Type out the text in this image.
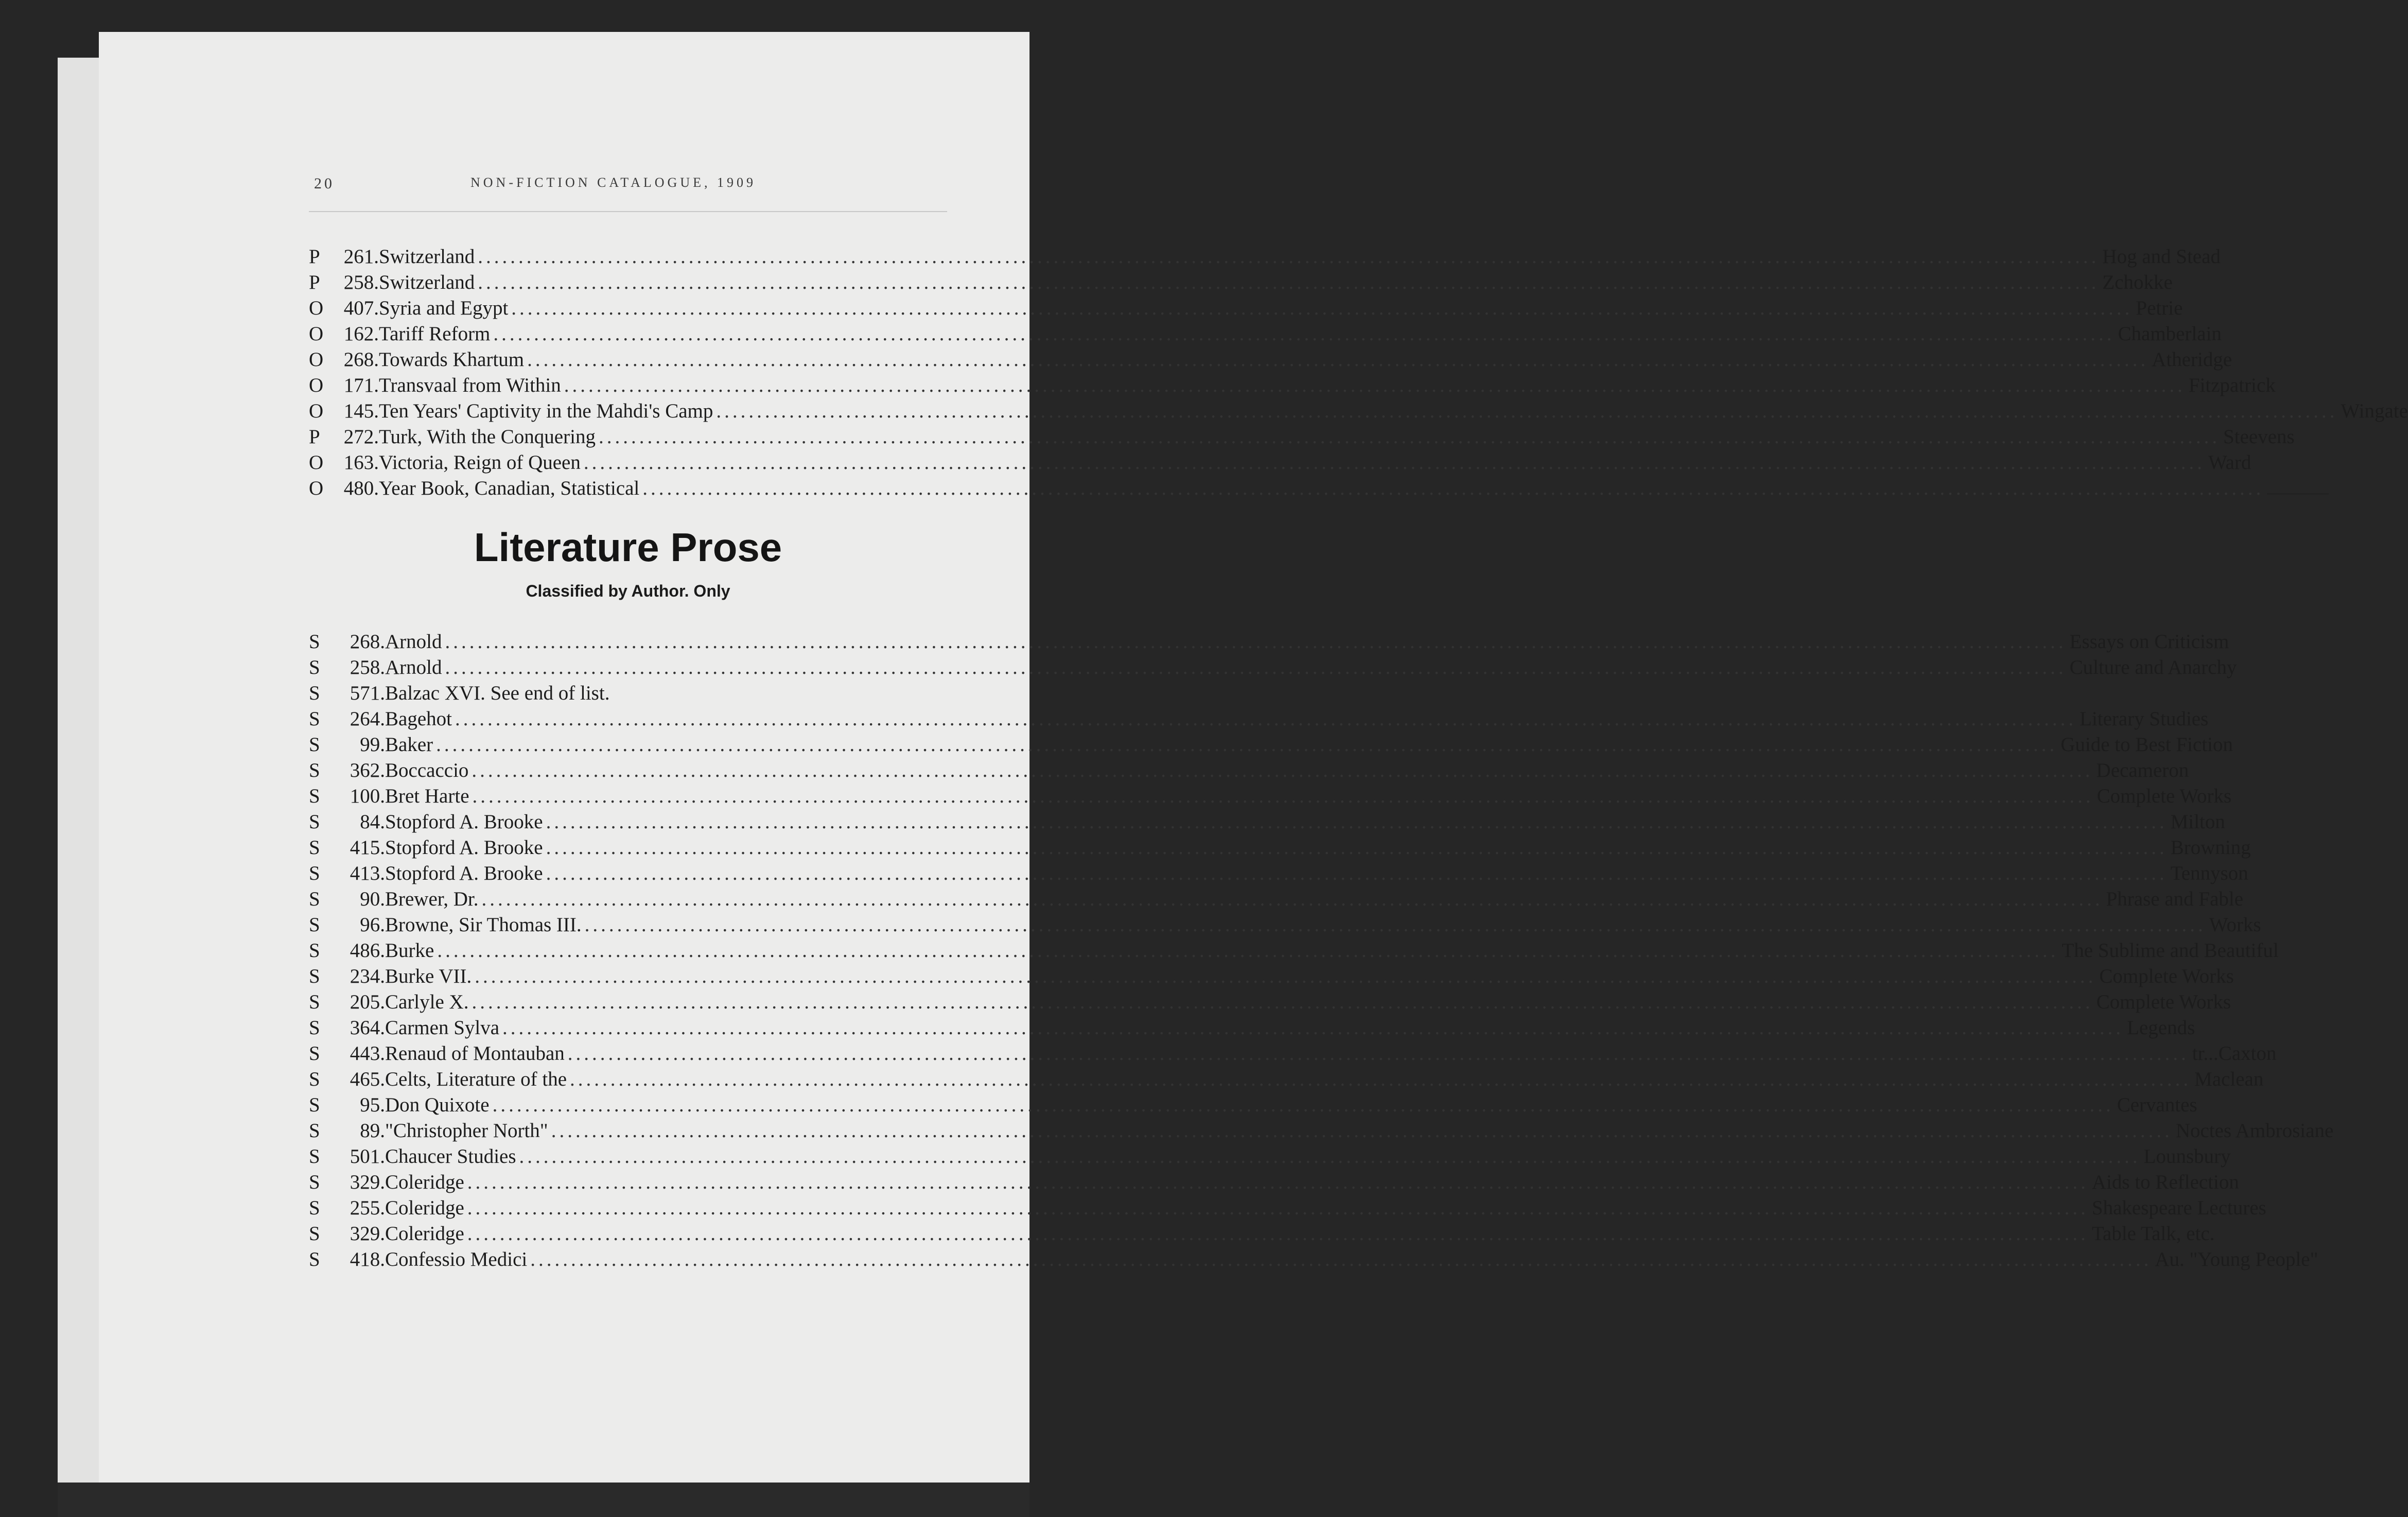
20	NON-FICTION CATALOGUE, 1909
P	261. Switzerland ........................................................................................................................................................................................................ Hog and Stead
P	258. Switzerland ........................................................................................................................................................................................................ Zchokke
O	407. Syria and Egypt ........................................................................................................................................................................................................ Petrie
O	162. Tariff Reform ........................................................................................................................................................................................................ Chamberlain
O	268. Towards Khartum ........................................................................................................................................................................................................ Atheridge
O	171. Transvaal from Within ........................................................................................................................................................................................................ Fitzpatrick
O	145. Ten Years' Captivity in the Mahdi's Camp ........................................................................................................................................................................................................ Wingate
P	272. Turk, With the Conquering ........................................................................................................................................................................................................ Steevens
O	163. Victoria, Reign of Queen ........................................................................................................................................................................................................ Ward
O	480. Year Book, Canadian, Statistical ........................................................................................................................................................................................................
Literature Prose
Classified by Author. Only
S	268. Arnold ........................................................................................................................................................................................................ Essays on Criticism
S	258. Arnold ........................................................................................................................................................................................................ Culture and Anarchy
S	571. Balzac XVI. See end of list.
S	264. Bagehot ........................................................................................................................................................................................................ Literary Studies
S	99. Baker ........................................................................................................................................................................................................ Guide to Best Fiction
S	362. Boccaccio ........................................................................................................................................................................................................ Decameron
S	100. Bret Harte ........................................................................................................................................................................................................ Complete Works
S	84. Stopford A. Brooke ........................................................................................................................................................................................................ Milton
S	415. Stopford A. Brooke ........................................................................................................................................................................................................ Browning
S	413. Stopford A. Brooke ........................................................................................................................................................................................................ Tennyson
S	90. Brewer, Dr. ........................................................................................................................................................................................................ Phrase and Fable
S	96. Browne, Sir Thomas III. ........................................................................................................................................................................................................ Works
S	486. Burke ........................................................................................................................................................................................................ The Sublime and Beautiful
S	234. Burke VII. ........................................................................................................................................................................................................ Complete Works
S	205. Carlyle X. ........................................................................................................................................................................................................ Complete Works
S	364. Carmen Sylva ........................................................................................................................................................................................................ Legends
S	443. Renaud of Montauban ........................................................................................................................................................................................................ tr...Caxton
S	465. Celts, Literature of the ........................................................................................................................................................................................................ Maclean
S	95. Don Quixote ........................................................................................................................................................................................................ Cervantes
S	89. "Christopher North" ........................................................................................................................................................................................................ Noctes Ambrosiane
S	501. Chaucer Studies ........................................................................................................................................................................................................ Lounsbury
S	329. Coleridge ........................................................................................................................................................................................................ Aids to Reflection
S	255. Coleridge ........................................................................................................................................................................................................ Shakespeare Lectures
S	329. Coleridge ........................................................................................................................................................................................................ Table Talk, etc.
S	418. Confessio Medici ........................................................................................................................................................................................................ Au. "Young People"
